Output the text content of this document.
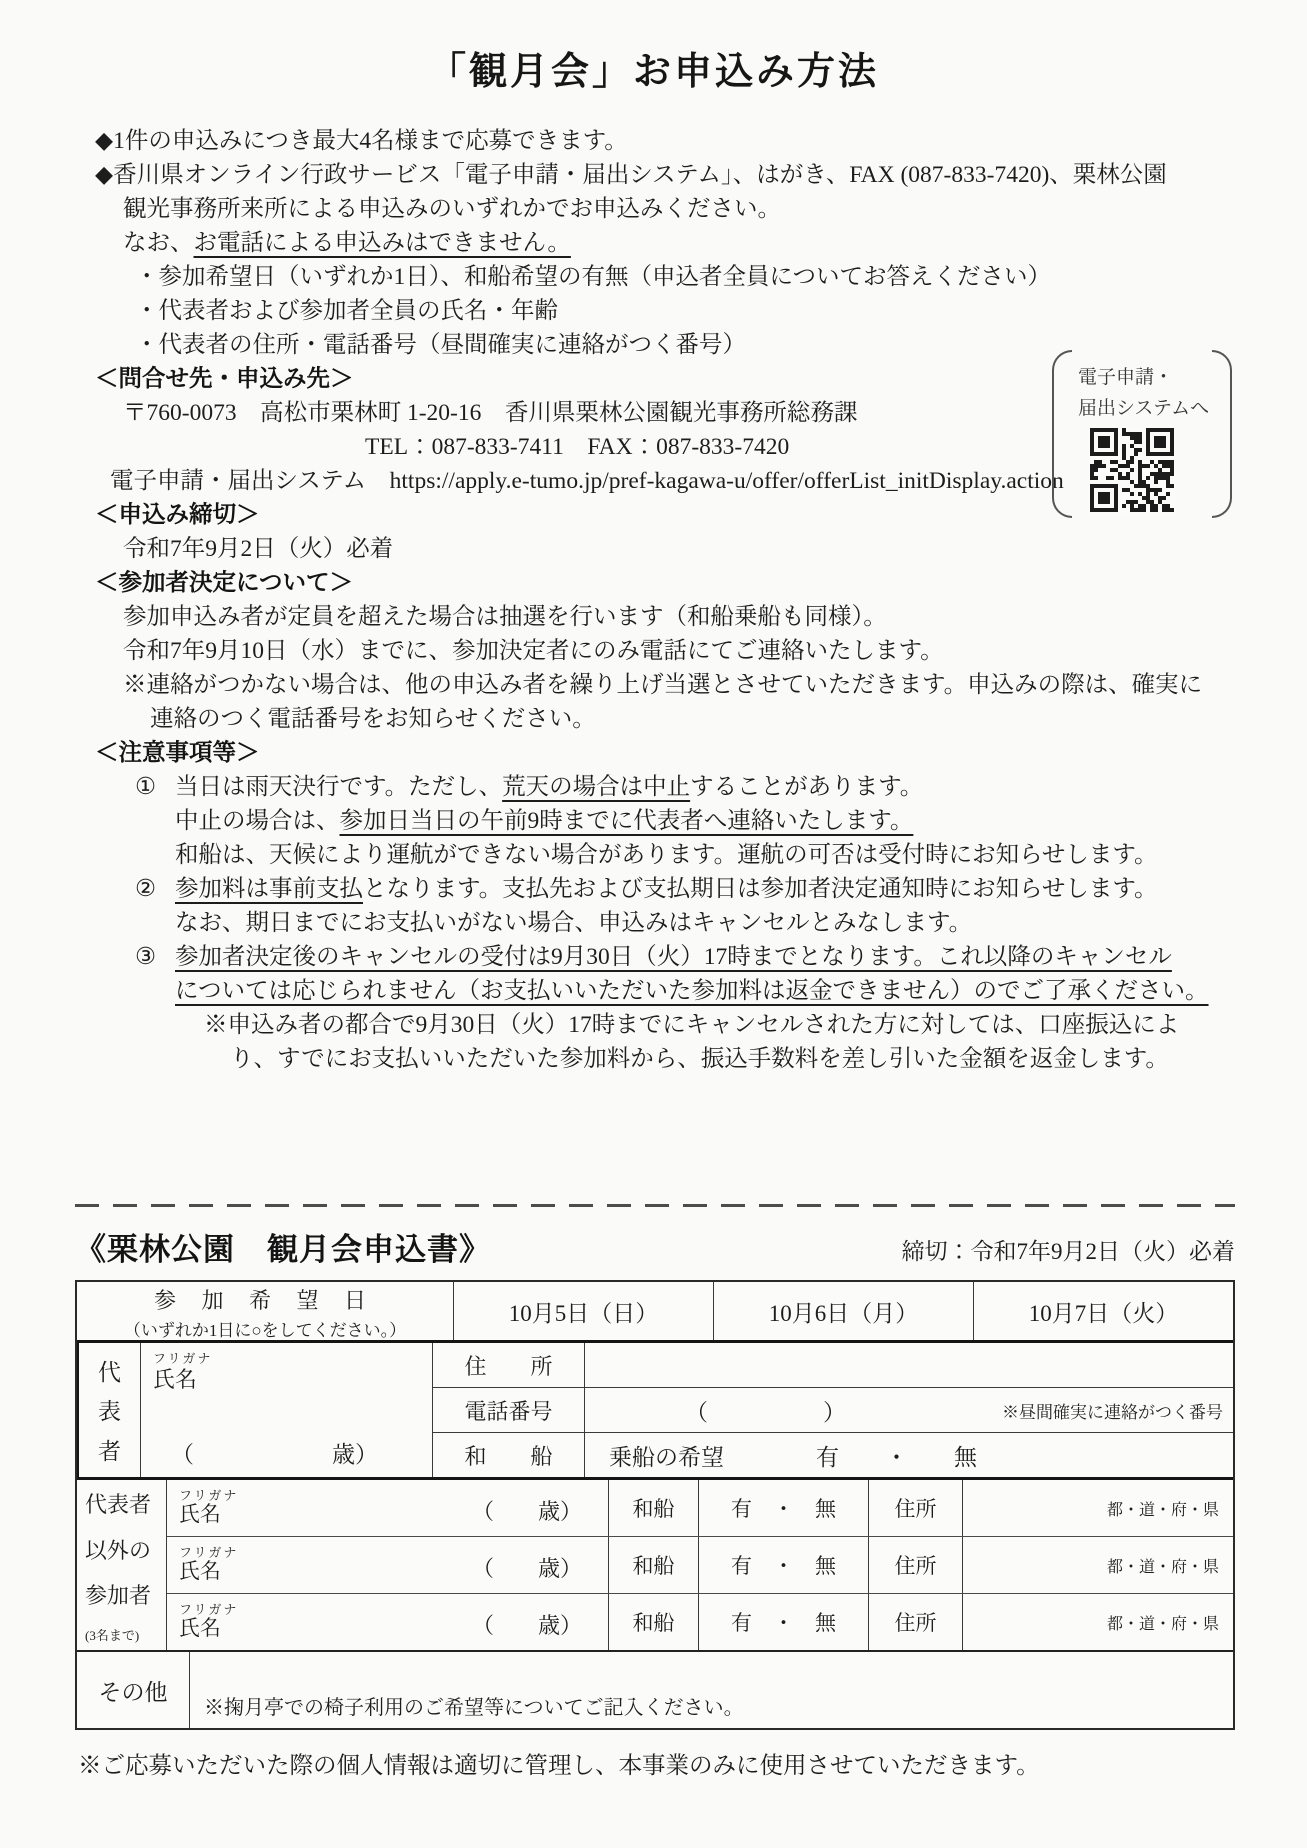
「観月会」お申込み方法
◆1件の申込みにつき最大4名様まで応募できます。
◆香川県オンライン行政サービス「電子申請・届出システム」、はがき、FAX (087-833-7420)、栗林公園
観光事務所来所による申込みのいずれかでお申込みください。
なお、お電話による申込みはできません。
・参加希望日（いずれか1日）、和船希望の有無（申込者全員についてお答えください）
・代表者および参加者全員の氏名・年齢
・代表者の住所・電話番号（昼間確実に連絡がつく番号）
＜問合せ先・申込み先＞
〒760-0073　高松市栗林町 1-20-16　香川県栗林公園観光事務所総務課
TEL：087-833-7411　FAX：087-833-7420
電子申請・届出システム　 https://apply.e-tumo.jp/pref-kagawa-u/offer/offerList_initDisplay.action
＜申込み締切＞
令和7年9月2日（火）必着
＜参加者決定について＞
参加申込み者が定員を超えた場合は抽選を行います（和船乗船も同様）。
令和7年9月10日（水）までに、参加決定者にのみ電話にてご連絡いたします。
※連絡がつかない場合は、他の申込み者を繰り上げ当選とさせていただきます。申込みの際は、確実に
連絡のつく電話番号をお知らせください。
＜注意事項等＞
① 当日は雨天決行です。ただし、荒天の場合は中止することがあります。
中止の場合は、参加日当日の午前9時までに代表者へ連絡いたします。
和船は、天候により運航ができない場合があります。運航の可否は受付時にお知らせします。
② 参加料は事前支払となります。支払先および支払期日は参加者決定通知時にお知らせします。
なお、期日までにお支払いがない場合、申込みはキャンセルとみなします。
③ 参加者決定後のキャンセルの受付は9月30日（火）17時までとなります。これ以降のキャンセル
については応じられません（お支払いいただいた参加料は返金できません）のでご了承ください。
※申込み者の都合で9月30日（火）17時までにキャンセルされた方に対しては、口座振込によ
り、すでにお支払いいただいた参加料から、振込手数料を差し引いた金額を返金します。
電子申請・
届出システムへ
《栗林公園　観月会申込書》	締切：令和7年9月2日（火）必着
参 加 希 望 日
（いずれか1日に○をしてください。）
10月5日（日）	10月6日（月）	10月7日（火）
代
表
者
フリガナ
氏名
（　　　　　　歳）
住　　所
電話番号	（　　　　　）	※昼間確実に連絡がつく番号
和　　船	乗船の希望　　　　有　　・　　無
代表者
以外の
参加者
(3名まで)
フリガナ
氏名	（　　歳）	和船	有　・　無	住所	都・道・府・県
フリガナ
氏名	（　　歳）	和船	有　・　無	住所	都・道・府・県
フリガナ
氏名	（　　歳）	和船	有　・　無	住所	都・道・府・県
その他
※掬月亭での椅子利用のご希望等についてご記入ください。
※ご応募いただいた際の個人情報は適切に管理し、本事業のみに使用させていただきます。
